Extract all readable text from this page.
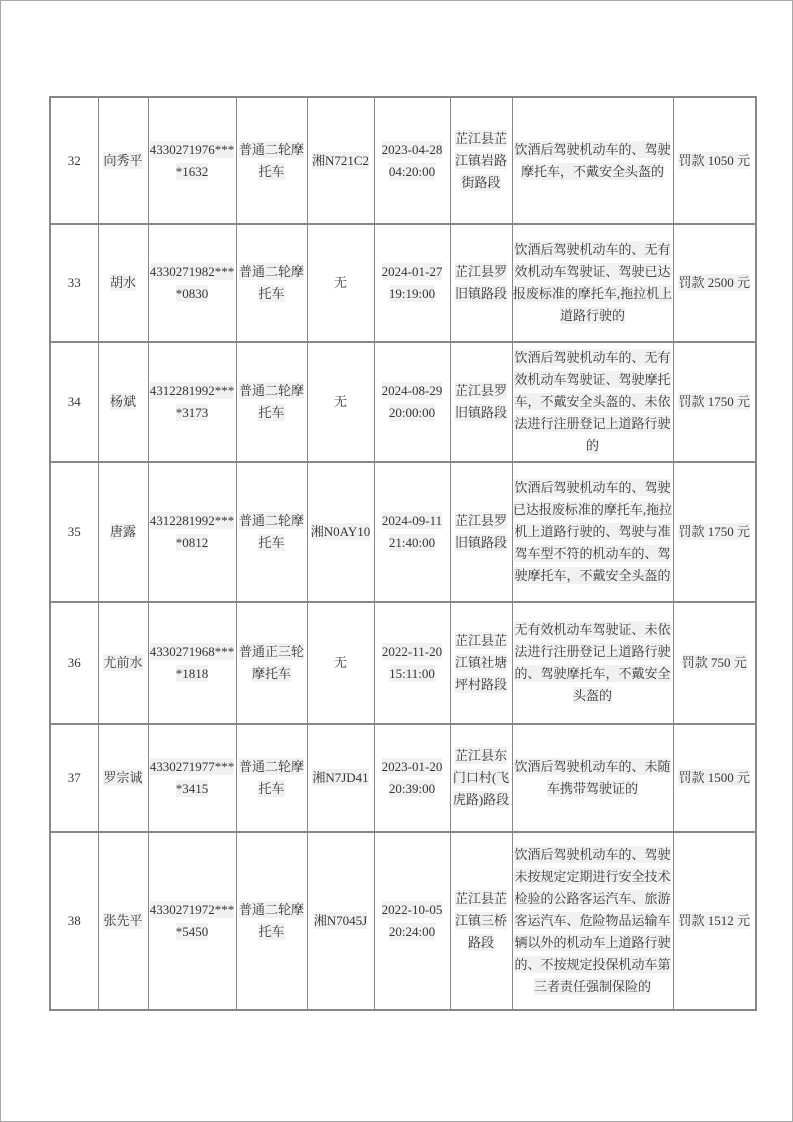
32	向秀平	4330271976****1632	普通二轮摩托车	湘N721C2	2023-04-28 04:20:00	芷江县芷江镇岩路街路段	饮酒后驾驶机动车的、驾驶摩托车，不戴安全头盔的	罚款 1050 元
33	胡水	4330271982****0830	普通二轮摩托车	无	2024-01-27 19:19:00	芷江县罗旧镇路段	饮酒后驾驶机动车的、无有效机动车驾驶证、驾驶已达报废标准的摩托车,拖拉机上道路行驶的	罚款 2500 元
34	杨斌	4312281992****3173	普通二轮摩托车	无	2024-08-29 20:00:00	芷江县罗旧镇路段	饮酒后驾驶机动车的、无有效机动车驾驶证、驾驶摩托车，不戴安全头盔的、未依法进行注册登记上道路行驶的	罚款 1750 元
35	唐露	4312281992****0812	普通二轮摩托车	湘N0AY10	2024-09-11 21:40:00	芷江县罗旧镇路段	饮酒后驾驶机动车的、驾驶已达报废标准的摩托车,拖拉机上道路行驶的、驾驶与准驾车型不符的机动车的、驾驶摩托车，不戴安全头盔的	罚款 1750 元
36	尤前水	4330271968****1818	普通正三轮摩托车	无	2022-11-20 15:11:00	芷江县芷江镇社塘坪村路段	无有效机动车驾驶证、未依法进行注册登记上道路行驶的、驾驶摩托车，不戴安全头盔的	罚款 750 元
37	罗宗诚	4330271977****3415	普通二轮摩托车	湘N7JD41	2023-01-20 20:39:00	芷江县东门口村(飞虎路)路段	饮酒后驾驶机动车的、未随车携带驾驶证的	罚款 1500 元
38	张先平	4330271972****5450	普通二轮摩托车	湘N7045J	2022-10-05 20:24:00	芷江县芷江镇三桥路段	饮酒后驾驶机动车的、驾驶未按规定定期进行安全技术检验的公路客运汽车、旅游客运汽车、危险物品运输车辆以外的机动车上道路行驶的、不按规定投保机动车第三者责任强制保险的	罚款 1512 元
